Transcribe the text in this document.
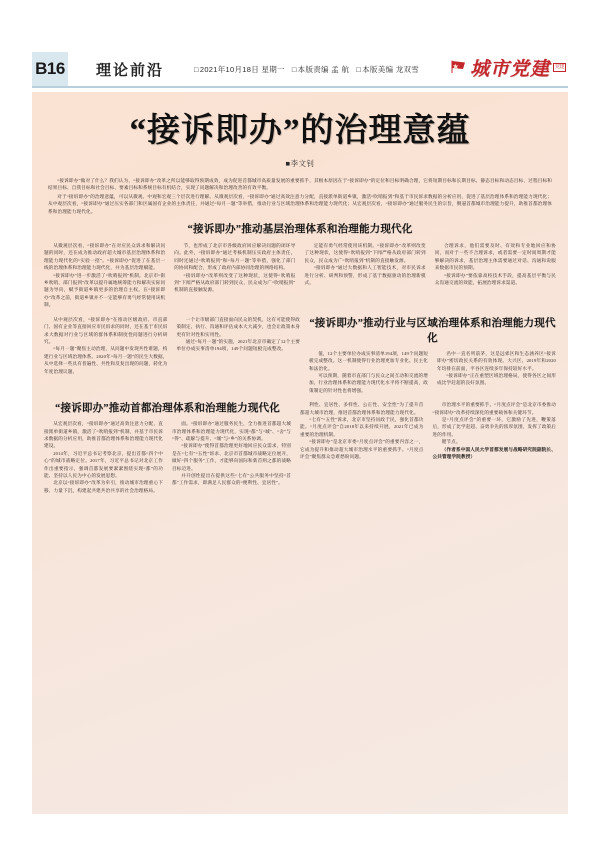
B16 理论前沿	□2021年10月18日 星期一 □本版责编 孟 航 □本版美编 龙双雪	城市党建	党建
“接诉即办”的治理意蕴
■李文钊

“接诉即办”做对了什么？我们认为，“接诉即办”改革之所以能够取得预期成效，成为促进首都城市高质量发展的重要抓手，其根本原因在于“接诉即办”的定位和目标明确合理，它将短期目标和长期目标、静态目标和动态目标、过程目标和结果目标、自我目标和社会目标、要素目标和系统目标有机结合，实现了问题解决和治理改善的有效平衡。

对于“接诉即办”的治理意蕴，可以从微观、中观和宏观三个层次进行理解。从微观层次看，“接诉即办”通过高效注意力分配，直接派单街道乡镇，激活“吹哨报到”和基于市民诉求数据的分析应用，促进了基层治理体系和治理能力现代化；从中观层次看，“接诉即办”通过压实各部门和区属国有企业的主体责任，并通过“每月一题”等举措，推动行业与区域治理体系和治理能力现代化；从宏观层次看，“接诉即办”通过服务民生的宗旨，倒逼首都城市治理能力提升，助推首都治理体系和治理能力现代化。

“接诉即办”推动基层治理体系和治理能力现代化

从微观层次看，“接诉即办”在对应民众诉求和解决问题的同时，还在成为推动政府超大城市基层治理体系和治理能力现代化的“实验一招”。“接诉即办”促进了在基层一线的治理体系和治理能力现代化，并为基层治理赋能。

“接诉即办”进一步激活了“吹哨报到”机制。北京市“街乡吹哨、部门报到”改革以提升属地统筹能力和解决实际问题为导向，赋予街道乡镇更多的治理自主权。在“接诉即办”改革之前，街道乡镇并不一定能够有勇气经常使用该机制。

节，也形成了北京市各级政府回应解决问题的闭环导向。此外，“接诉即办”通过考核机制压实政府主体责任，同时还通过“吹哨报到”和“每月一题”等举措，强化了部门的协同和配合，形成了政府内部协同治理的网络结构。

“接诉即办”改革则改变了这种现状，这使得“吹哨报到”下闻严格从政府部门转到民众，民众成为广“吹哨报到”机制的直接触发源。

定能有勇气经常使用该机制。“接诉即办”改革则改变了这种现状，这使得“吹哨报到”下闻严格从政府部门转到民众，民众成为广“吹哨报到”机制的直接触发源。

“接诉即办”通过大数据和人工智能技术，对市民诉求进行分析、研判和预警，形成了基于数据驱动的治理新模式。

合理诉求，他们需要及时、有效和专业地回应和协同，而对于一些不合理诉求，或者需要一定时间周期才能够解决的诉求，基层治理主体需要通过对话、沟通和说服来数据市民的预期。

“接诉即办”要依靠高校技术手段，提高基层平衡与民众沟通交流的效能，拓展治理诉求渠道。

从中观层次看，“接诉即办”在推动区级政府、市直部门、国有企业等直接回应市民诉求的同时，还在基于市民诉求大数据对行业与区域的群体系和制度性问题进行分析研究。

“每月一题”聚焦主动治理，从问题中发现共性难题，构建行业与区域治理体系。2020年“每月一题”的民生大数据，从中选择一些具有普遍性、共性和反复出现的问题，转化为年度治理议题。

一个让市级部门直接面向民众的契机，这有可能使得政策制定、执行、沟通和评估成本大大减少，也会让政策本身更有针对性和实用性。

通过“每月一题”的实施，2021年北京市确定了12个主要单位办成实事清单194项，149个问题短板完成整改。

“接诉即办”推动行业与区域治理体系和治理能力现代化

值，12个主要单位办成实事清单194项，149个问题短板完成整改。这一机制使得行业治理更加专业化、民主化和法治化。

可以预期，随着市直部门与民众之间互动和交流的增加，行业治理体系和治理能力现代化水平将不断提高，政策制定的针对性也将增强。

名中一直名列前茅，这是远郊区和生态涵养区“接诉即办”密切政民关系的有效体现。大兴区、2019年和2020年均排在前面，平谷区连续多年保持较好水平。

“接诉即办”正在重塑区域治理格局，使得各区之间形成比学赶超的良好氛围。

“接诉即办”推动首都治理体系和治理能力现代化

从宏观层次看，“接诉即办”通过高效注意力分配，直接派单街道乡镇，激活了“吹哨报到”机制，并基于市民诉求数据的分析应用，助推首都治理体系和治理能力现代化建设。

2014年，习近平总书记考察北京，提出首都“四个中心”的城市战略定位。2017年，习近平总书记对北京工作作出重要指示，强调首都发展要紧紧围绕实现“都”的功能、坚持以人民为中心的发展思想。

北京以“接诉即办”改革为牵引，推动城市治理重心下移、力量下沉，构建起共建共治共享的社会治理格局。

面。“接诉即办”通过服务民生，全力推进首都超大城市治理体系和治理能力现代化，实现“都”与“城”、“舍”与“得”、疏解与提升、“城”与“乡”的关系协调。

“接诉即办”使得首都治理更好地回应民众需求，特别是在“七有”“五性”诉求、北京市首都城市战略定位展开，做好“四个服务”工作，才能够向国际和新首则之都的战略目标迈进。

并开创性提出在提供这些“七有”公共服务中坚持“首都”工作需求，即满足人民群众的“便利性、宜居性”。

利性、宜居性、多样性、公正性、安全性”为了提升首都超大城市治理，推进首都治理体系和治理能力现代化。

“七有”“五性”诉求，北京市坚持问政于民，强化首都功能。“月度点评会”自2018年以来持续开展，2021年已成为重要的治理机制。

“接诉即办”是北京市委“月度点评会”的重要内容之一，它成为提升和推动超大城市治理水平的重要抓手。“月度点评会”聚焦群众急难愁盼问题。

市治理水平的重要抓手。“月度点评会”是北京市委推动“接诉即办”改革持续深化的重要载体和关键环节。

是“月度点评会”的重要一环，它激励了先进，鞭策落后，形成了比学赶超、奋勇争先的浓厚氛围，发挥了政策后进的作用。

键节点。

（作者系中国人民大学首都发展与战略研究院副院长、公共管理学院教授）
